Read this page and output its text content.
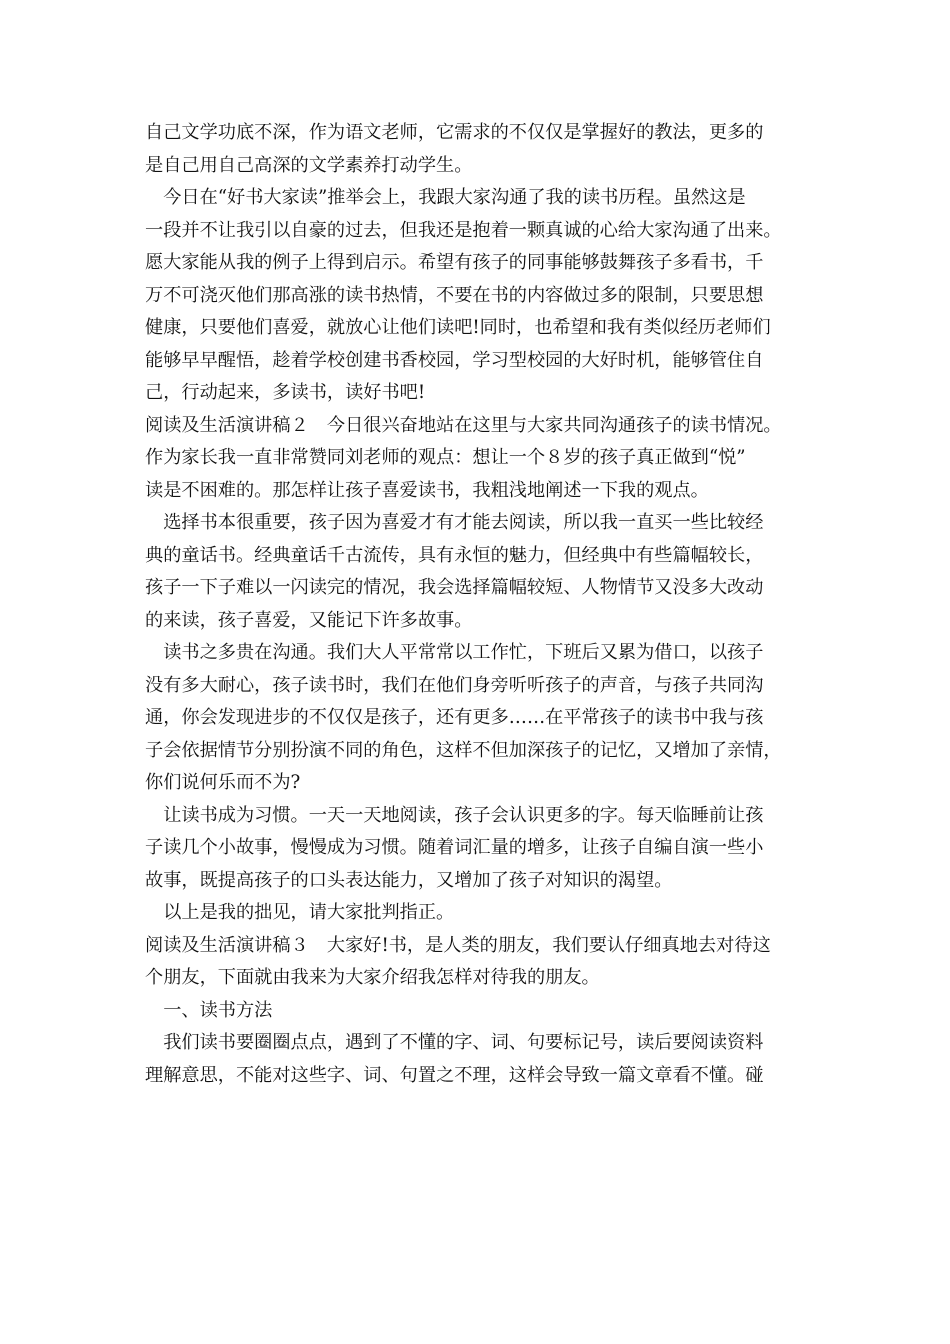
自己文学功底不深，作为语文老师，它需求的不仅仅是掌握好的教法，更多的
是自己用自己高深的文学素养打动学生。
　今日在“好书大家读”推举会上，我跟大家沟通了我的读书历程。虽然这是
一段并不让我引以自豪的过去，但我还是抱着一颗真诚的心给大家沟通了出来。
愿大家能从我的例子上得到启示。希望有孩子的同事能够鼓舞孩子多看书，千
万不可浇灭他们那高涨的读书热情，不要在书的内容做过多的限制，只要思想
健康，只要他们喜爱，就放心让他们读吧!同时，也希望和我有类似经历老师们
能够早早醒悟，趁着学校创建书香校园，学习型校园的大好时机，能够管住自
己，行动起来，多读书，读好书吧!
阅读及生活演讲稿２　今日很兴奋地站在这里与大家共同沟通孩子的读书情况。
作为家长我一直非常赞同刘老师的观点：想让一个８岁的孩子真正做到“悦”
读是不困难的。那怎样让孩子喜爱读书，我粗浅地阐述一下我的观点。
　选择书本很重要，孩子因为喜爱才有才能去阅读，所以我一直买一些比较经
典的童话书。经典童话千古流传，具有永恒的魅力，但经典中有些篇幅较长，
孩子一下子难以一闪读完的情况，我会选择篇幅较短、人物情节又没多大改动
的来读，孩子喜爱，又能记下许多故事。
　读书之多贵在沟通。我们大人平常常以工作忙，下班后又累为借口，以孩子
没有多大耐心，孩子读书时，我们在他们身旁听听孩子的声音，与孩子共同沟
通，你会发现进步的不仅仅是孩子，还有更多……在平常孩子的读书中我与孩
子会依据情节分别扮演不同的角色，这样不但加深孩子的记忆，又增加了亲情，
你们说何乐而不为?
　让读书成为习惯。一天一天地阅读，孩子会认识更多的字。每天临睡前让孩
子读几个小故事，慢慢成为习惯。随着词汇量的增多，让孩子自编自演一些小
故事，既提高孩子的口头表达能力，又增加了孩子对知识的渴望。
　以上是我的拙见，请大家批判指正。
阅读及生活演讲稿３　大家好!书，是人类的朋友，我们要认仔细真地去对待这
个朋友，下面就由我来为大家介绍我怎样对待我的朋友。
　一、读书方法
　我们读书要圈圈点点，遇到了不懂的字、词、句要标记号，读后要阅读资料
理解意思，不能对这些字、词、句置之不理，这样会导致一篇文章看不懂。碰
